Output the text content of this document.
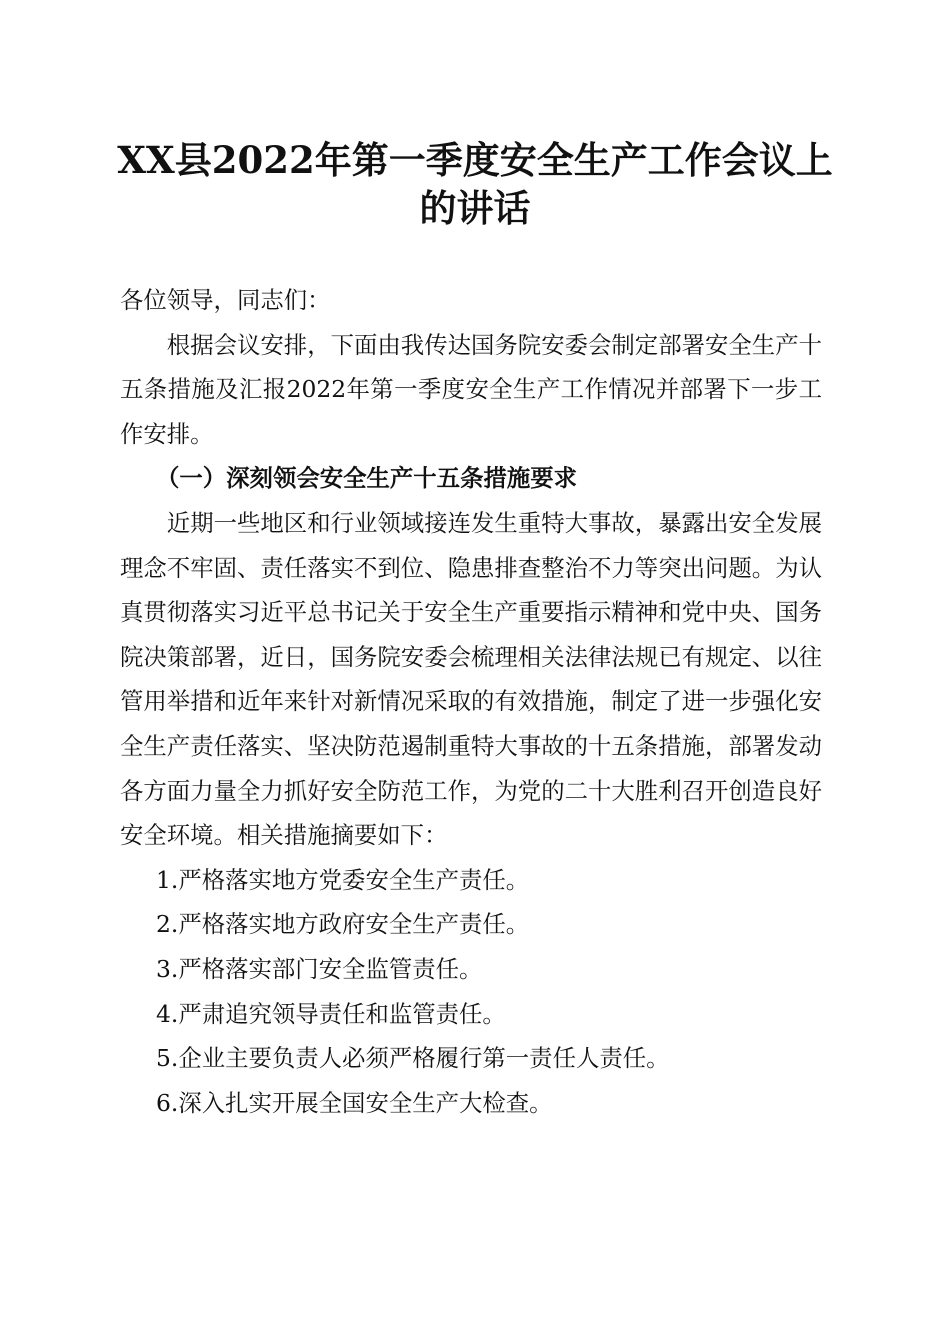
XX县2022年第一季度安全生产工作会议上的讲话

各位领导，同志们：

根据会议安排，下面由我传达国务院安委会制定部署安全生产十五条措施及汇报2022年第一季度安全生产工作情况并部署下一步工作安排。

（一）深刻领会安全生产十五条措施要求

近期一些地区和行业领域接连发生重特大事故，暴露出安全发展理念不牢固、责任落实不到位、隐患排查整治不力等突出问题。为认真贯彻落实习近平总书记关于安全生产重要指示精神和党中央、国务院决策部署，近日，国务院安委会梳理相关法律法规已有规定、以往管用举措和近年来针对新情况采取的有效措施，制定了进一步强化安全生产责任落实、坚决防范遏制重特大事故的十五条措施，部署发动各方面力量全力抓好安全防范工作，为党的二十大胜利召开创造良好安全环境。相关措施摘要如下：

1.严格落实地方党委安全生产责任。

2.严格落实地方政府安全生产责任。

3.严格落实部门安全监管责任。

4.严肃追究领导责任和监管责任。

5.企业主要负责人必须严格履行第一责任人责任。

6.深入扎实开展全国安全生产大检查。
